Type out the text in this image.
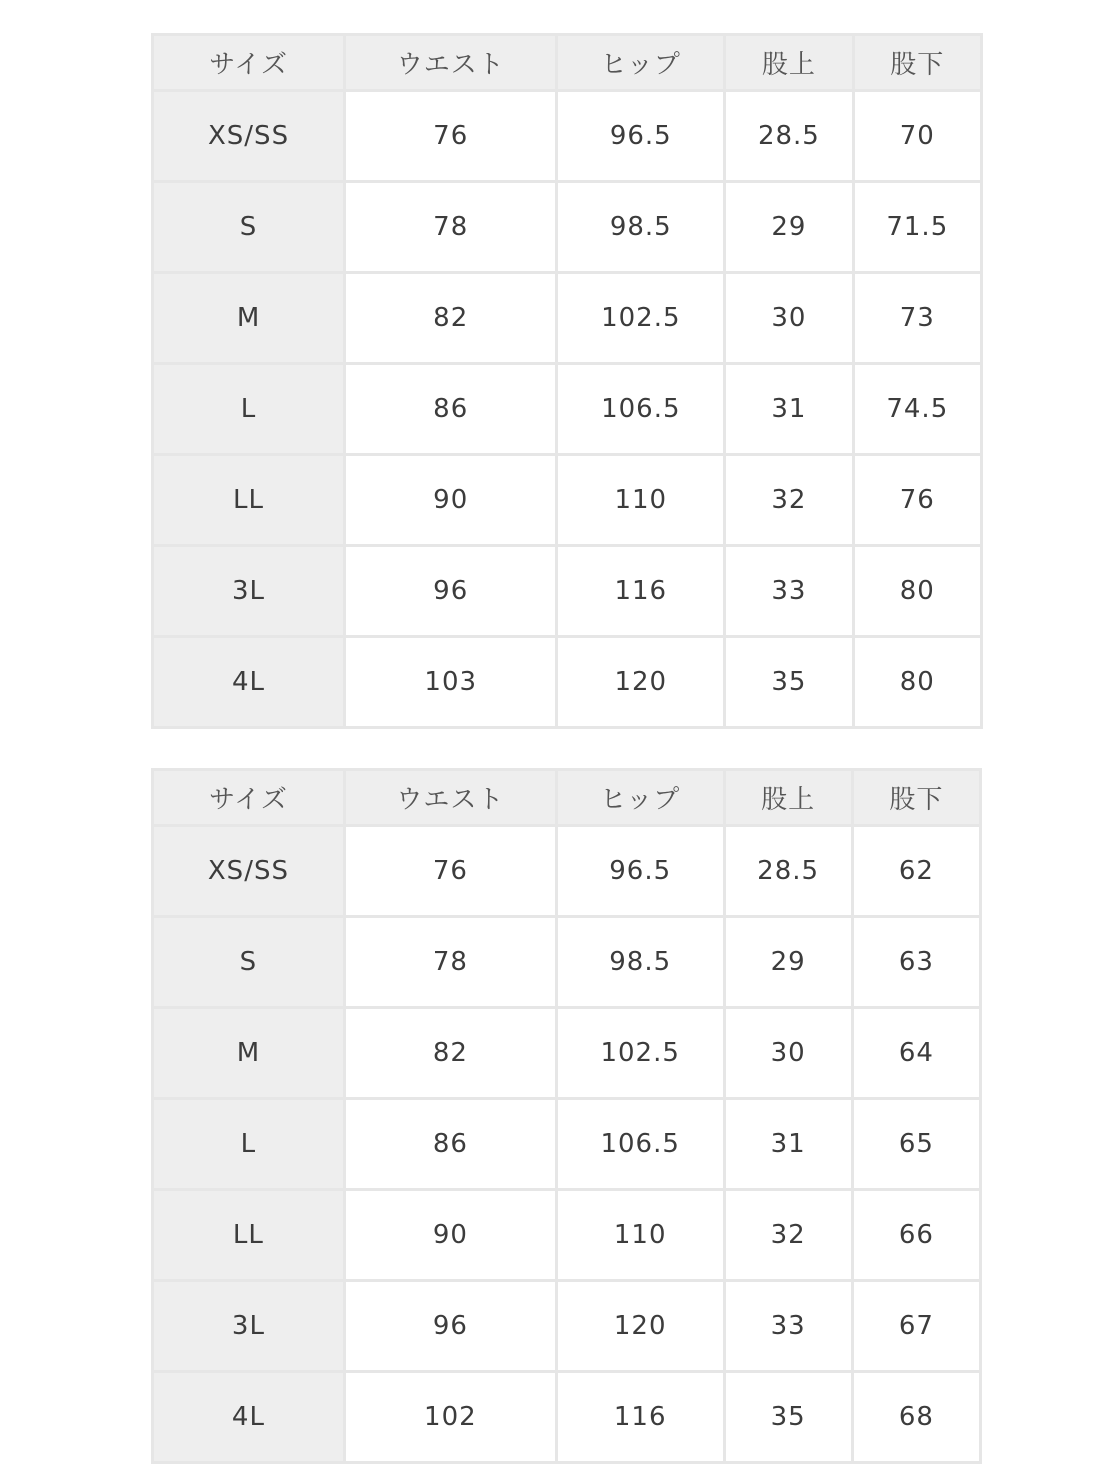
サイズ	ウエスト	ヒップ	股上	股下
XS/SS	76	96.5	28.5	70
S	78	98.5	29	71.5
M	82	102.5	30	73
L	86	106.5	31	74.5
LL	90	110	32	76
3L	96	116	33	80
4L	103	120	35	80
サイズ	ウエスト	ヒップ	股上	股下
XS/SS	76	96.5	28.5	62
S	78	98.5	29	63
M	82	102.5	30	64
L	86	106.5	31	65
LL	90	110	32	66
3L	96	120	33	67
4L	102	116	35	68
